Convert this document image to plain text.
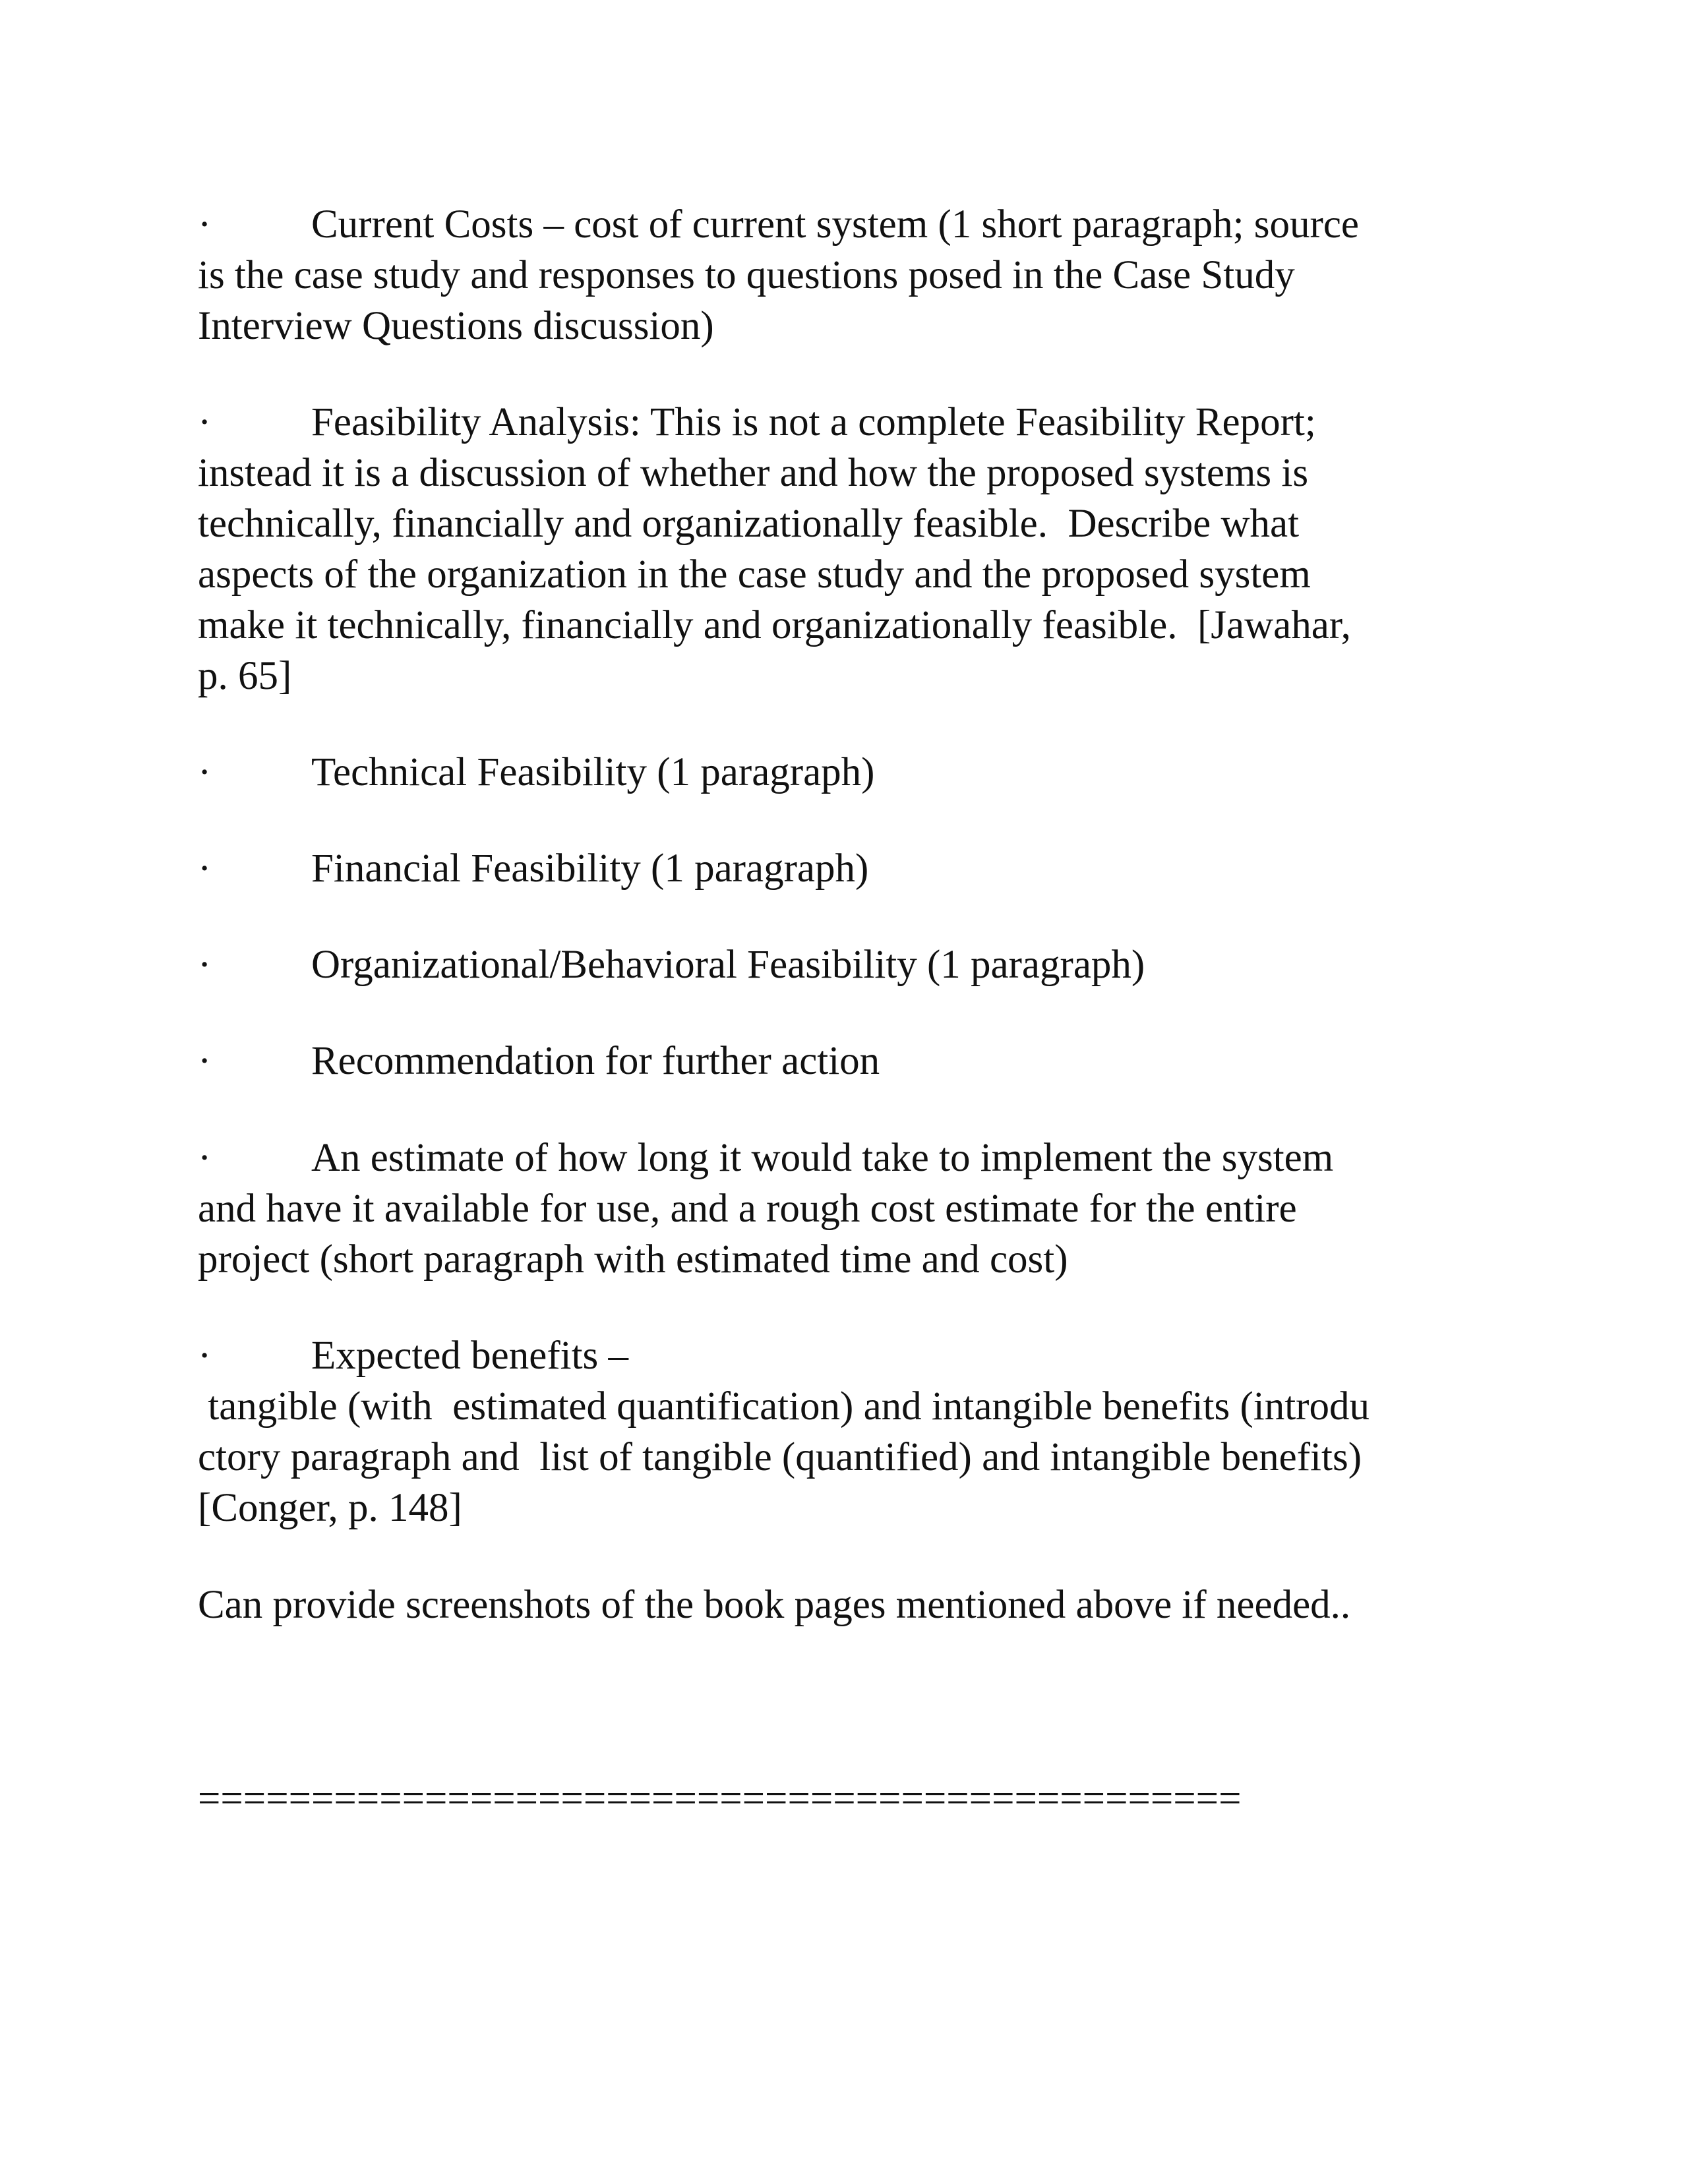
· Current Costs – cost of current system (1 short paragraph; source
is the case study and responses to questions posed in the Case Study
Interview Questions discussion)
· Feasibility Analysis: This is not a complete Feasibility Report;
instead it is a discussion of whether and how the proposed systems is
technically, financially and organizationally feasible.  Describe what
aspects of the organization in the case study and the proposed system
make it technically, financially and organizationally feasible.  [Jawahar,
p. 65]
· Technical Feasibility (1 paragraph)
· Financial Feasibility (1 paragraph)
· Organizational/Behavioral Feasibility (1 paragraph)
· Recommendation for further action
· An estimate of how long it would take to implement the system
and have it available for use, and a rough cost estimate for the entire
project (short paragraph with estimated time and cost)
· Expected benefits –
tangible (with  estimated quantification) and intangible benefits (introdu
ctory paragraph and  list of tangible (quantified) and intangible benefits)
[Conger, p. 148]
Can provide screenshots of the book pages mentioned above if needed..
==============================================
